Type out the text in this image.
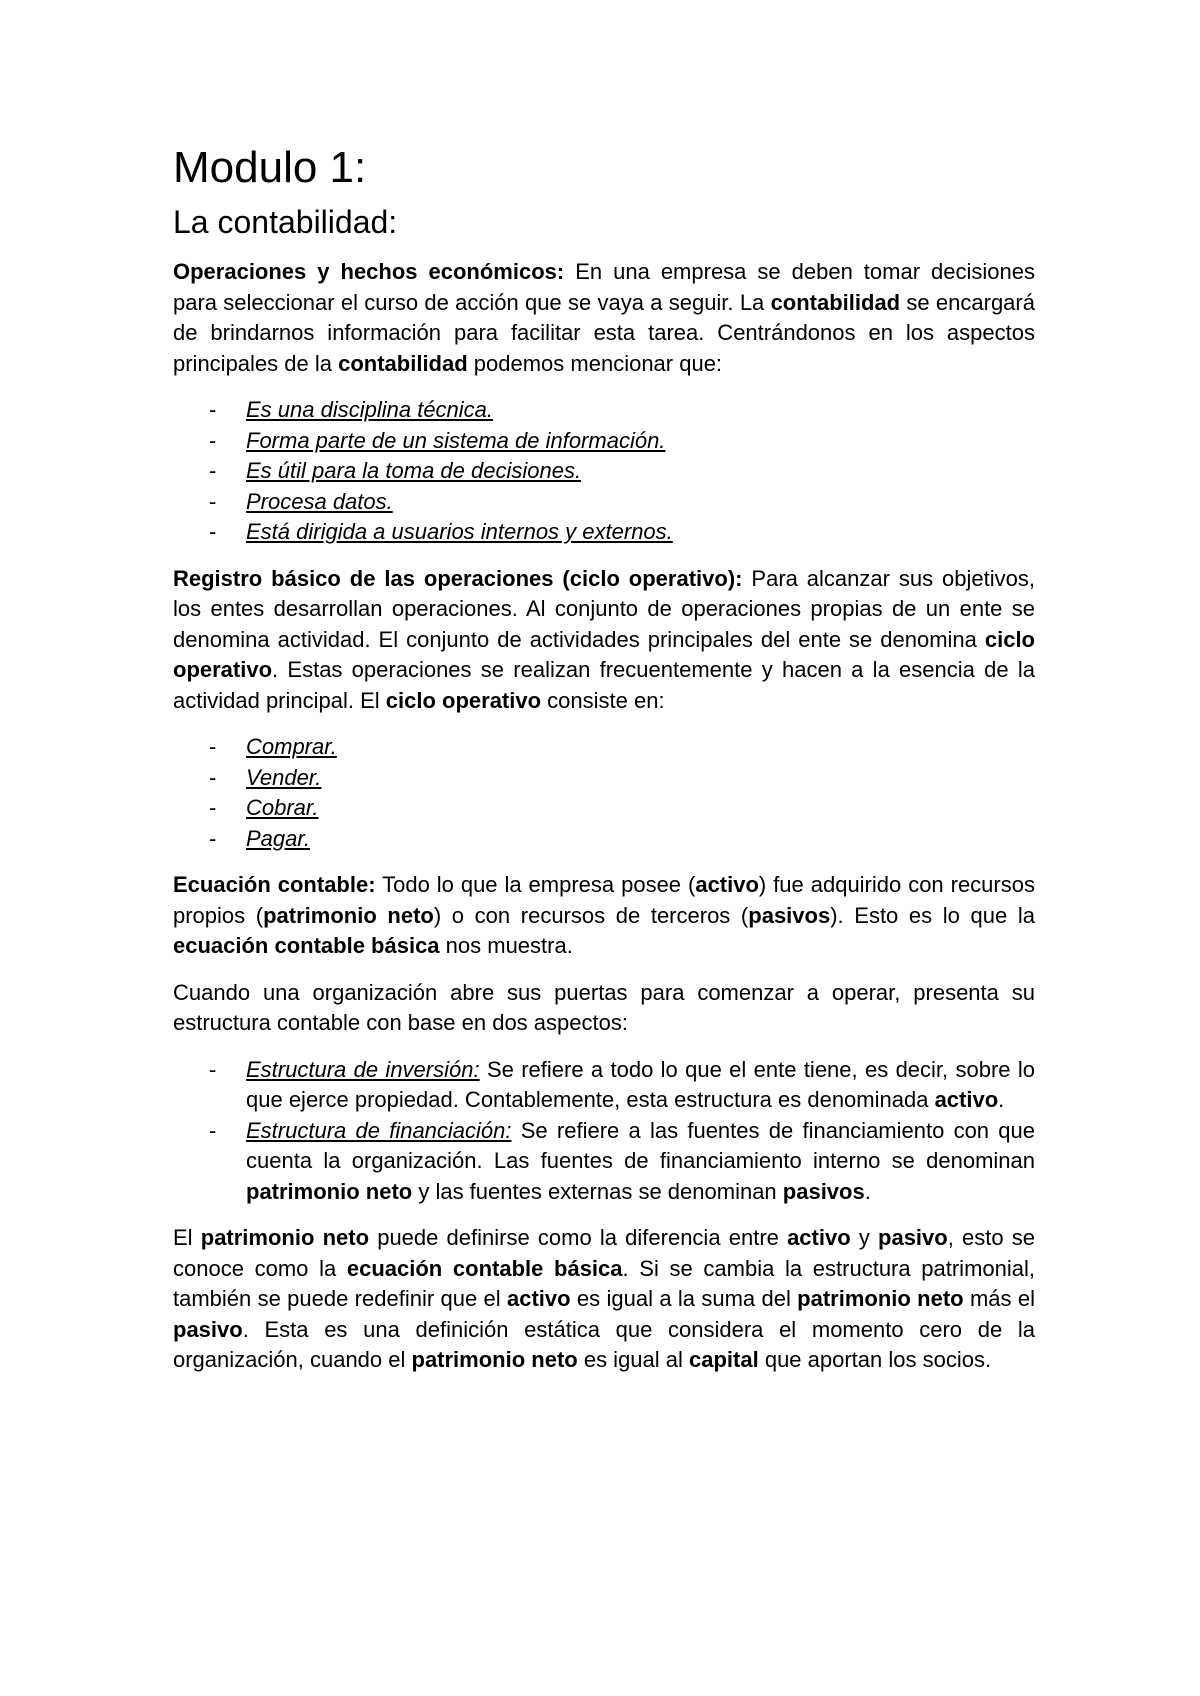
Modulo 1:
La contabilidad:

Operaciones y hechos económicos: En una empresa se deben tomar decisiones para seleccionar el curso de acción que se vaya a seguir. La contabilidad se encargará de brindarnos información para facilitar esta tarea. Centrándonos en los aspectos principales de la contabilidad podemos mencionar que:

- Es una disciplina técnica.
- Forma parte de un sistema de información.
- Es útil para la toma de decisiones.
- Procesa datos.
- Está dirigida a usuarios internos y externos.

Registro básico de las operaciones (ciclo operativo): Para alcanzar sus objetivos, los entes desarrollan operaciones. Al conjunto de operaciones propias de un ente se denomina actividad. El conjunto de actividades principales del ente se denomina ciclo operativo. Estas operaciones se realizan frecuentemente y hacen a la esencia de la actividad principal. El ciclo operativo consiste en:

- Comprar.
- Vender.
- Cobrar.
- Pagar.

Ecuación contable: Todo lo que la empresa posee (activo) fue adquirido con recursos propios (patrimonio neto) o con recursos de terceros (pasivos). Esto es lo que la ecuación contable básica nos muestra.

Cuando una organización abre sus puertas para comenzar a operar, presenta su estructura contable con base en dos aspectos:

- Estructura de inversión: Se refiere a todo lo que el ente tiene, es decir, sobre lo que ejerce propiedad. Contablemente, esta estructura es denominada activo.
- Estructura de financiación: Se refiere a las fuentes de financiamiento con que cuenta la organización. Las fuentes de financiamiento interno se denominan patrimonio neto y las fuentes externas se denominan pasivos.

El patrimonio neto puede definirse como la diferencia entre activo y pasivo, esto se conoce como la ecuación contable básica. Si se cambia la estructura patrimonial, también se puede redefinir que el activo es igual a la suma del patrimonio neto más el pasivo. Esta es una definición estática que considera el momento cero de la organización, cuando el patrimonio neto es igual al capital que aportan los socios.
